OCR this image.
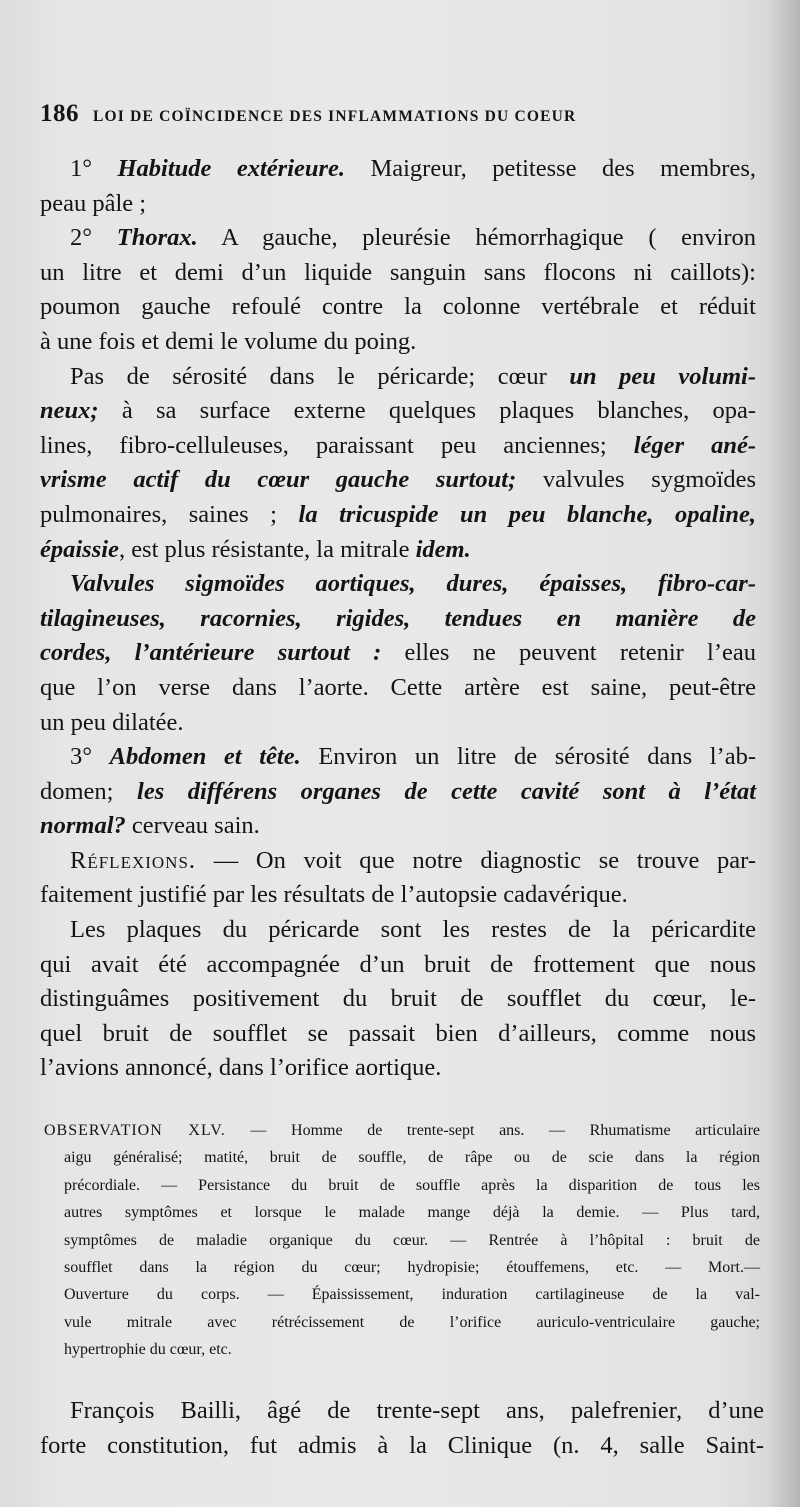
186 LOI DE COÏNCIDENCE DES INFLAMMATIONS DU COEUR
1° Habitude extérieure. Maigreur, petitesse des membres,
peau pâle ;
2° Thorax. A gauche, pleurésie hémorrhagique ( environ
un litre et demi d’un liquide sanguin sans flocons ni caillots):
poumon gauche refoulé contre la colonne vertébrale et réduit
à une fois et demi le volume du poing.
Pas de sérosité dans le péricarde; cœur un peu volumi-
neux; à sa surface externe quelques plaques blanches, opa-
lines, fibro-celluleuses, paraissant peu anciennes; léger ané-
vrisme actif du cœur gauche surtout; valvules sygmoïdes
pulmonaires, saines ; la tricuspide un peu blanche, opaline,
épaissie, est plus résistante, la mitrale idem.
Valvules sigmoïdes aortiques, dures, épaisses, fibro-car-
tilagineuses, racornies, rigides, tendues en manière de
cordes, l’antérieure surtout : elles ne peuvent retenir l’eau
que l’on verse dans l’aorte. Cette artère est saine, peut-être
un peu dilatée.
3° Abdomen et tête. Environ un litre de sérosité dans l’ab-
domen; les différens organes de cette cavité sont à l’état
normal? cerveau sain.
Réflexions. — On voit que notre diagnostic se trouve par-
faitement justifié par les résultats de l’autopsie cadavérique.
Les plaques du péricarde sont les restes de la péricardite
qui avait été accompagnée d’un bruit de frottement que nous
distinguâmes positivement du bruit de soufflet du cœur, le-
quel bruit de soufflet se passait bien d’ailleurs, comme nous
l’avions annoncé, dans l’orifice aortique.
OBSERVATION XLV. — Homme de trente-sept ans. — Rhumatisme articulaire
aigu généralisé; matité, bruit de souffle, de râpe ou de scie dans la région
précordiale. — Persistance du bruit de souffle après la disparition de tous les
autres symptômes et lorsque le malade mange déjà la demie. — Plus tard,
symptômes de maladie organique du cœur. — Rentrée à l’hôpital : bruit de
soufflet dans la région du cœur; hydropisie; étouffemens, etc. — Mort.—
Ouverture du corps. — Épaississement, induration cartilagineuse de la val-
vule mitrale avec rétrécissement de l’orifice auriculo-ventriculaire gauche;
hypertrophie du cœur, etc.
François Bailli, âgé de trente-sept ans, palefrenier, d’une
forte constitution, fut admis à la Clinique (n. 4, salle Saint-
